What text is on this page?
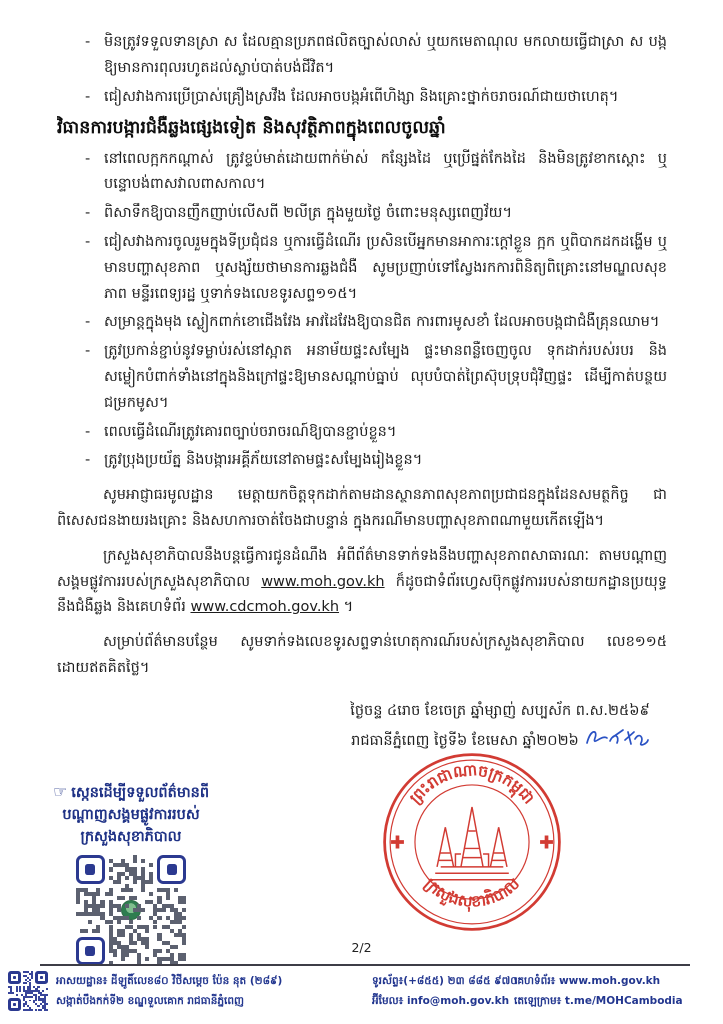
- មិនត្រូវទទួលទានស្រា ស ដែលគ្មានប្រភពផលិតច្បាស់លាស់ ឬយកមេតាណុល មកលាយធ្វើជាស្រា ស បង្កឱ្យមានការពុលរហូតដល់ស្លាប់បាត់បង់ជីវិត។
- ជៀសវាងការប្រើប្រាស់គ្រឿងស្រវឹង ដែលអាចបង្កអំពើហិង្សា និងគ្រោះថ្នាក់ចរាចរណ៍ជាយថាហេតុ។
វិធានការបង្ការជំងឺឆ្លងផ្សេងទៀត និងសុវត្ថិភាពក្នុងពេលចូលឆ្នាំ
- នៅពេលក្អកកណ្តាស់ ត្រូវខ្ទប់មាត់ដោយពាក់ម៉ាស់ កន្សែងដៃ ឬប្រើផ្នត់កែងដៃ និងមិនត្រូវខាកស្តោះ ឬបន្ទោបង់ពាសវាលពាសកាល។
- ពិសាទឹកឱ្យបានញឹកញាប់លើសពី ២លីត្រ ក្នុងមួយថ្ងៃ ចំពោះមនុស្សពេញវ័យ។
- ជៀសវាងការចូលរួមក្នុងទីប្រជុំជន ឬការធ្វើដំណើរ ប្រសិនបើអ្នកមានអាការៈក្តៅខ្លួន ក្អក ឬពិបាកដកដង្ហើម ឬមានបញ្ហាសុខភាព ឬសង្ស័យថាមានការឆ្លងជំងឺ សូមប្រញាប់ទៅស្វែងរកការពិនិត្យពិគ្រោះនៅមណ្ឌលសុខភាព មន្ទីរពេទ្យរដ្ឋ ឬទាក់ទងលេខទូរសព្ទ១១៥។
- សម្រាន្តក្នុងមុង ស្លៀកពាក់ខោជើងវែង អាវដៃវែងឱ្យបានជិត ការពារមូសខាំ ដែលអាចបង្កជាជំងឺគ្រុនឈាម។
- ត្រូវប្រកាន់ខ្ជាប់នូវទម្លាប់រស់នៅស្អាត អនាម័យផ្ទះសម្បែង ផ្ទះមានពន្លឺចេញចូល ទុកដាក់របស់របរ និងសម្លៀកបំពាក់ទាំងនៅក្នុងនិងក្រៅផ្ទះឱ្យមានសណ្តាប់ធ្នាប់ លុបបំបាត់ព្រៃស៊ុបទ្រុបជុំវិញផ្ទះ ដើម្បីកាត់បន្ថយជម្រកមូស។
- ពេលធ្វើដំណើរត្រូវគោរពច្បាប់ចរាចរណ៍ឱ្យបានខ្ជាប់ខ្លួន។
- ត្រូវប្រុងប្រយ័ត្ន និងបង្ការអគ្គីភ័យនៅតាមផ្ទះសម្បែងរៀងខ្លួន។

សូមអាជ្ញាធរមូលដ្ឋាន មេត្តាយកចិត្តទុកដាក់តាមដានស្ថានភាពសុខភាពប្រជាជនក្នុងដែនសមត្ថកិច្ច ជាពិសេសជនងាយរងគ្រោះ និងសហការចាត់ចែងជាបន្ទាន់ ក្នុងករណីមានបញ្ហាសុខភាពណាមួយកើតឡើង។

ក្រសួងសុខាភិបាលនឹងបន្តធ្វើការជូនដំណឹង អំពីព័ត៌មានទាក់ទងនឹងបញ្ហាសុខភាពសាធារណៈ តាមបណ្តាញសង្គមផ្លូវការរបស់ក្រសួងសុខាភិបាល www.moh.gov.kh ក៏ដូចជាទំព័រហ្វេសប៊ុកផ្លូវការរបស់នាយកដ្ឋានប្រយុទ្ធនឹងជំងឺឆ្លង និងគេហទំព័រ www.cdcmoh.gov.kh ។

សម្រាប់ព័ត៌មានបន្ថែម សូមទាក់ទងលេខទូរសព្ទទាន់ហេតុការណ៍របស់ក្រសួងសុខាភិបាល លេខ១១៥ ដោយឥតគិតថ្លៃ។

ថ្ងៃចន្ទ ៤រោច ខែចេត្រ ឆ្នាំម្សាញ់ សប្បស័ក ព.ស.២៥៦៩
រាជធានីភ្នំពេញ ថ្ងៃទី៦ ខែមេសា ឆ្នាំ២០២៦
ព្រះរាជាណាចក្រកម្ពុជា
ក្រសួងសុខាភិបាល
☞ ស្កេនដើម្បីទទួលព័ត៌មានពី
បណ្តាញសង្គមផ្លូវការរបស់
ក្រសួងសុខាភិបាល
2/2
អាសយដ្ឋាន៖ ដីឡូតិ៍លេខ៨០ វិថីសម្តេច ប៉ែន នុត (២៨៩)
សង្កាត់បឹងកក់ទី២ ខណ្ឌទួលគោក រាជធានីភ្នំពេញ
ទូរស័ព្ទ៖(+៨៥៥) ២៣ ៨៨៥ ៩៧០
អ៊ីមែល៖ info@moh.gov.kh
គេហទំព័រ៖ www.moh.gov.kh
តេឡេក្រាម៖ t.me/MOHCambodia
